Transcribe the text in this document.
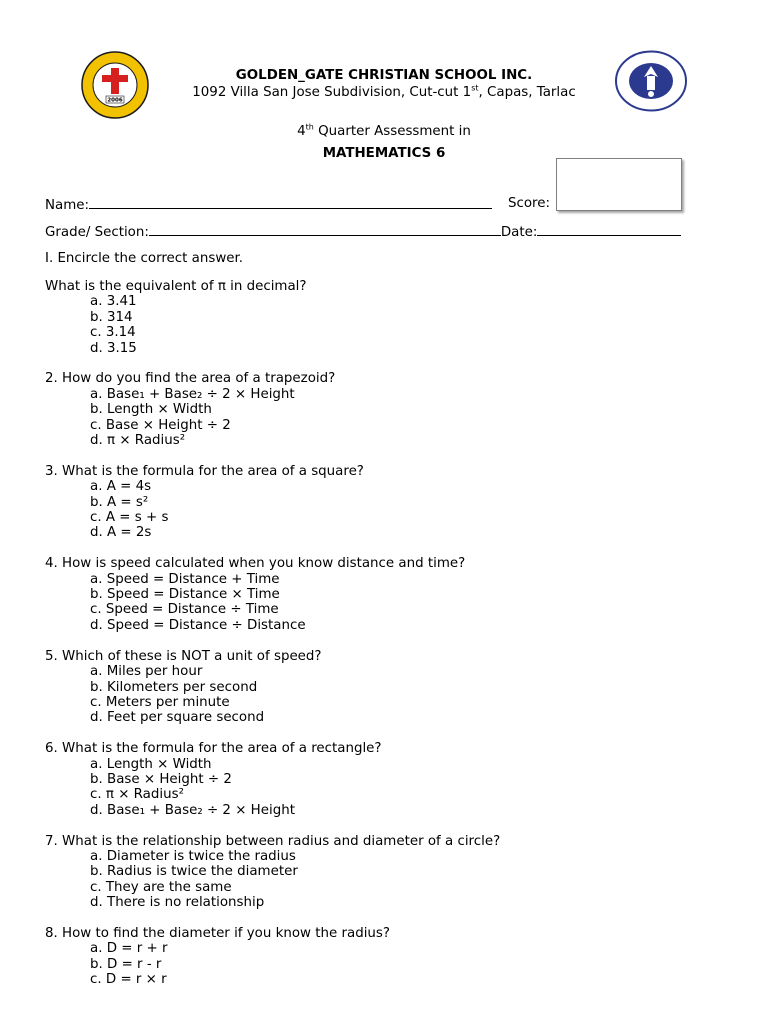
2006
GOLDEN_GATE CHRISTIAN SCHOOL INC.
1092 Villa San Jose Subdivision, Cut-cut 1st, Capas, Tarlac
4th Quarter Assessment in
MATHEMATICS 6
Name:	Score:
Grade/ Section:	Date:
I. Encircle the correct answer.
What is the equivalent of π in decimal?
a. 3.41
b. 314
c. 3.14
d. 3.15
2. How do you find the area of a trapezoid?
a. Base₁ + Base₂ ÷ 2 × Height
b. Length × Width
c. Base × Height ÷ 2
d. π × Radius²
3. What is the formula for the area of a square?
a. A = 4s
b. A = s²
c. A = s + s
d. A = 2s
4. How is speed calculated when you know distance and time?
a. Speed = Distance + Time
b. Speed = Distance × Time
c. Speed = Distance ÷ Time
d. Speed = Distance ÷ Distance
5. Which of these is NOT a unit of speed?
a. Miles per hour
b. Kilometers per second
c. Meters per minute
d. Feet per square second
6. What is the formula for the area of a rectangle?
a. Length × Width
b. Base × Height ÷ 2
c. π × Radius²
d. Base₁ + Base₂ ÷ 2 × Height
7. What is the relationship between radius and diameter of a circle?
a. Diameter is twice the radius
b. Radius is twice the diameter
c. They are the same
d. There is no relationship
8. How to find the diameter if you know the radius?
a. D = r + r
b. D = r - r
c. D = r × r
